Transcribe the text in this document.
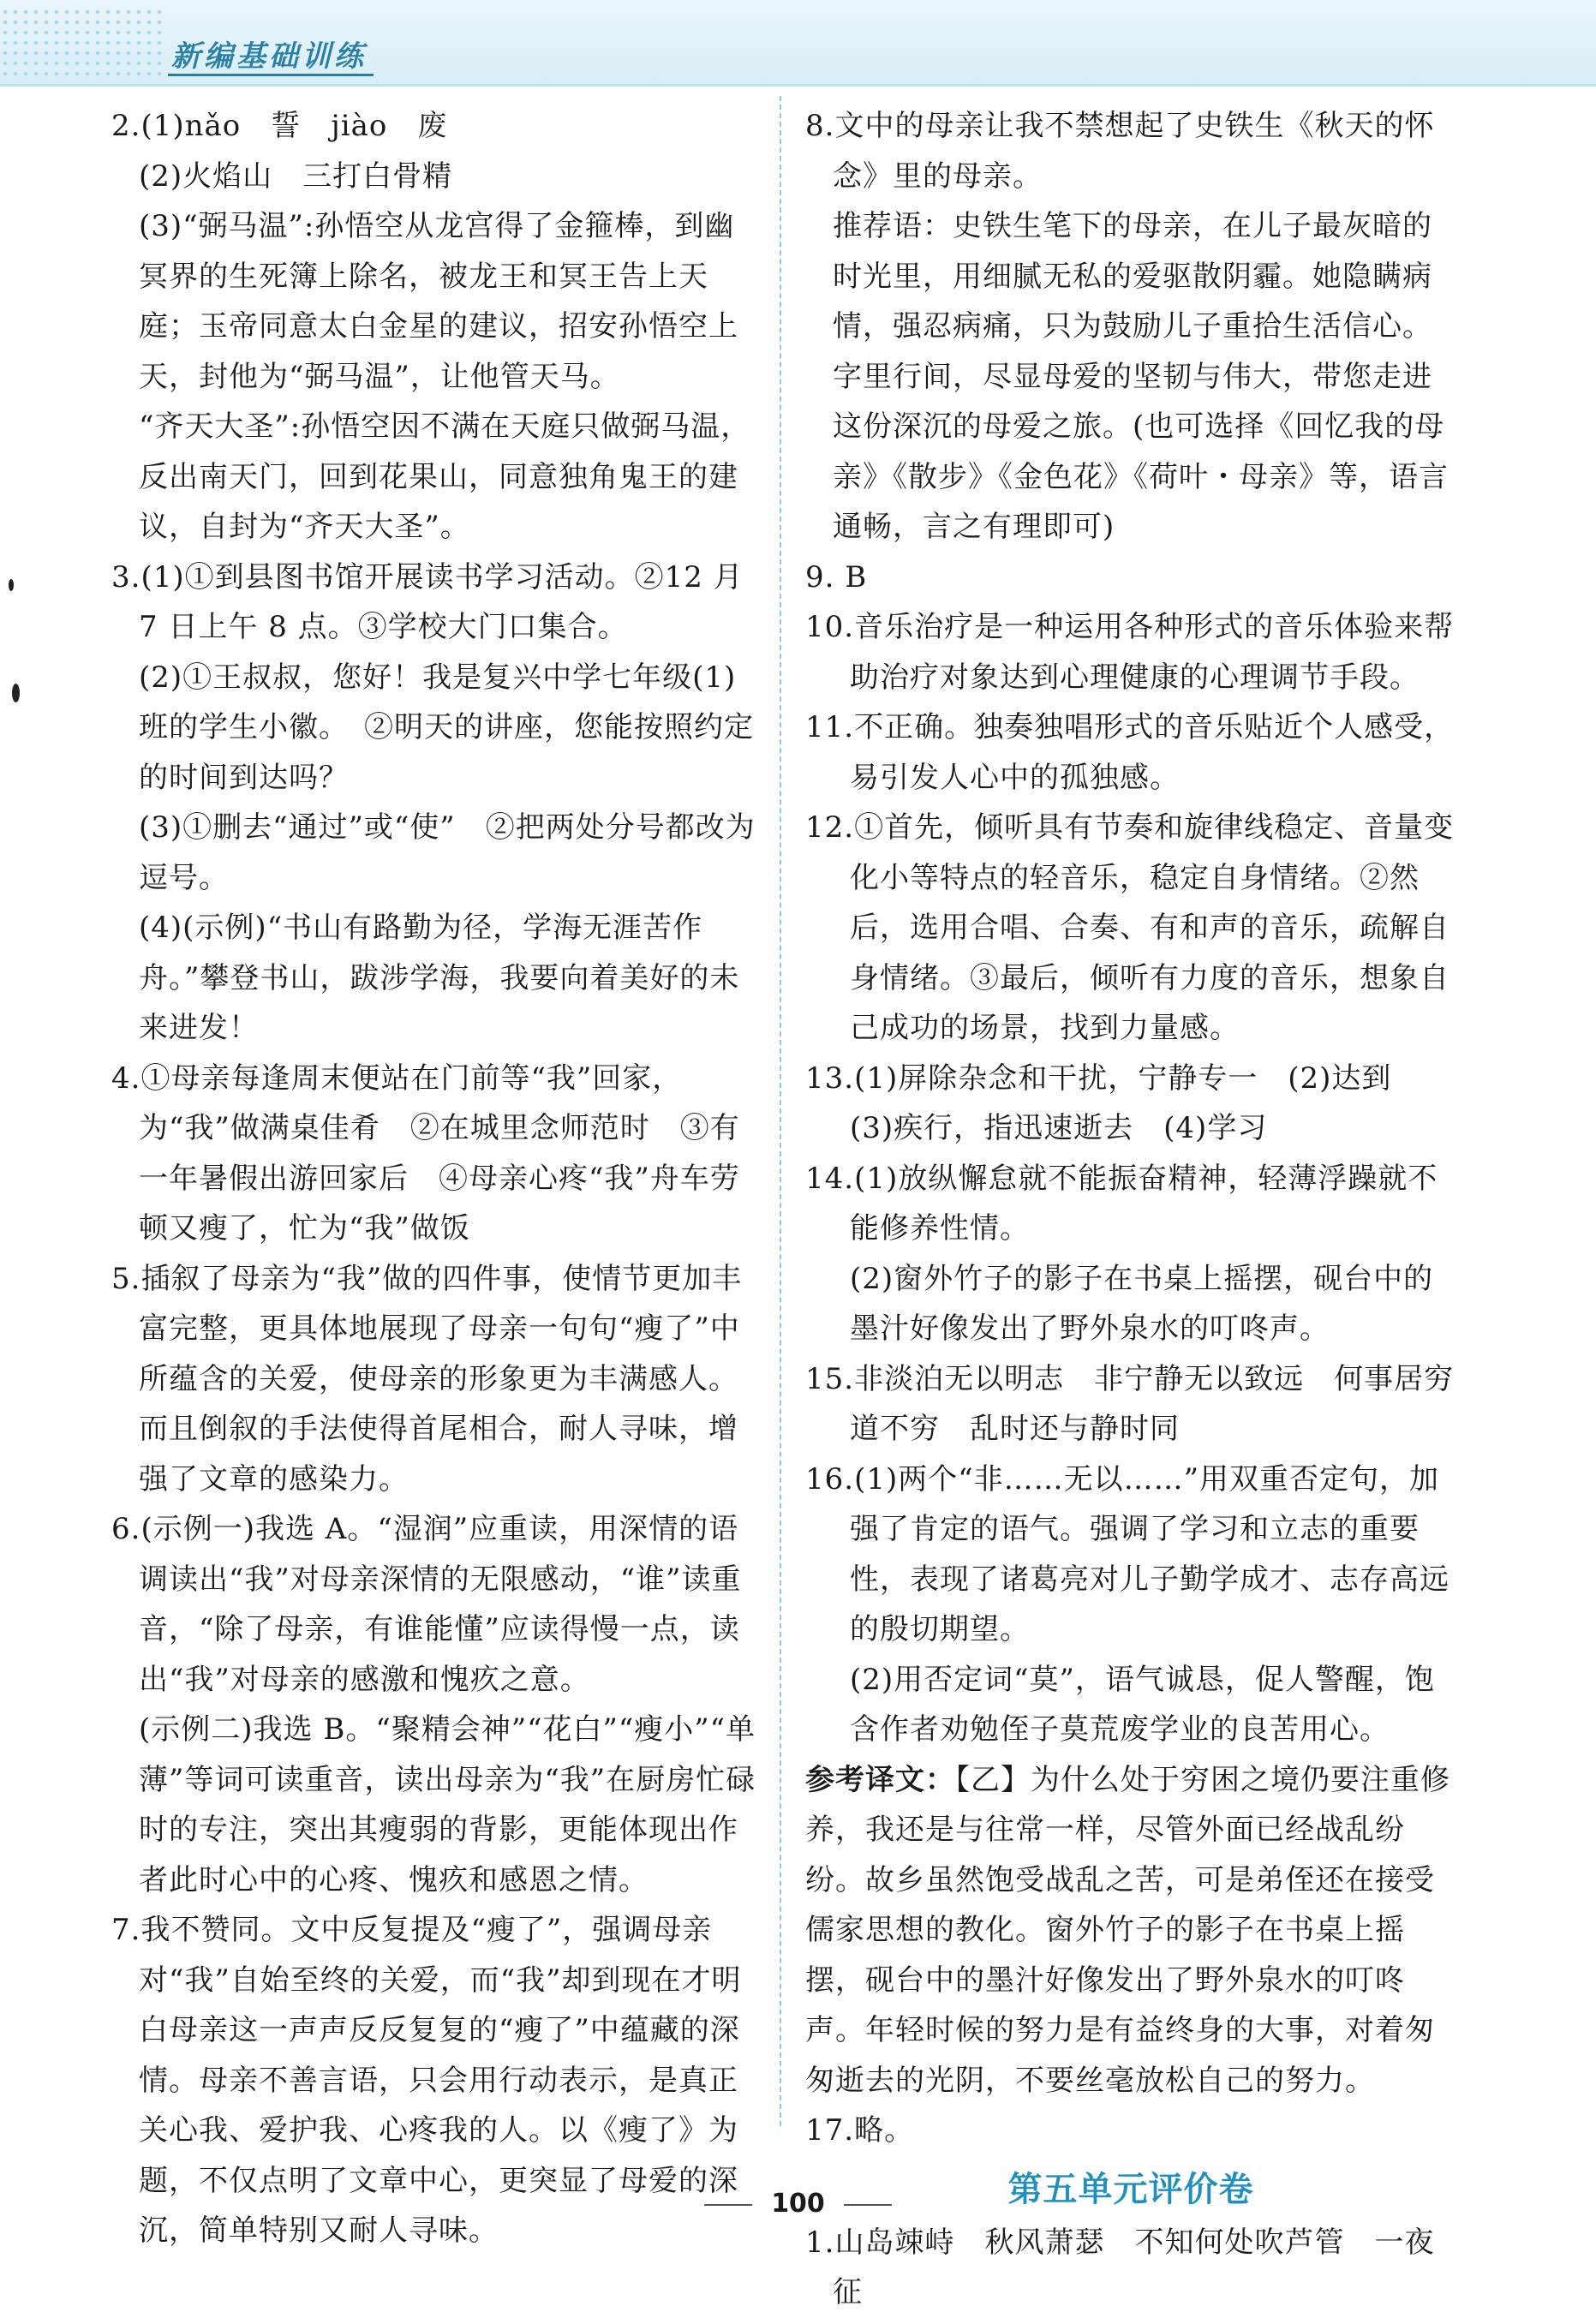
新编基础训练

2.(1)nǎo　誓　jiào　废

(2)火焰山　三打白骨精

(3)“弼马温”:孙悟空从龙宫得了金箍棒，到幽冥界的生死簿上除名，被龙王和冥王告上天庭；玉帝同意太白金星的建议，招安孙悟空上天，封他为“弼马温”，让他管天马。

“齐天大圣”:孙悟空因不满在天庭只做弼马温，反出南天门，回到花果山，同意独角鬼王的建议，自封为“齐天大圣”。

3.(1)①到县图书馆开展读书学习活动。②12 月 7 日上午 8 点。③学校大门口集合。

(2)①王叔叔，您好！我是复兴中学七年级(1)班的学生小徽。　②明天的讲座，您能按照约定的时间到达吗？

(3)①删去“通过”或“使”　②把两处分号都改为逗号。

(4)(示例)“书山有路勤为径，学海无涯苦作舟。”攀登书山，跋涉学海，我要向着美好的未来进发！

4.①母亲每逢周末便站在门前等“我”回家，为“我”做满桌佳肴　②在城里念师范时　③有一年暑假出游回家后　④母亲心疼“我”舟车劳顿又瘦了，忙为“我”做饭

5.插叙了母亲为“我”做的四件事，使情节更加丰富完整，更具体地展现了母亲一句句“瘦了”中所蕴含的关爱，使母亲的形象更为丰满感人。而且倒叙的手法使得首尾相合，耐人寻味，增强了文章的感染力。

6.(示例一)我选 A。“湿润”应重读，用深情的语调读出“我”对母亲深情的无限感动，“谁”读重音，“除了母亲，有谁能懂”应读得慢一点，读出“我”对母亲的感激和愧疚之意。

(示例二)我选 B。“聚精会神”“花白”“瘦小”“单薄”等词可读重音，读出母亲为“我”在厨房忙碌时的专注，突出其瘦弱的背影，更能体现出作者此时心中的心疼、愧疚和感恩之情。

7.我不赞同。文中反复提及“瘦了”，强调母亲对“我”自始至终的关爱，而“我”却到现在才明白母亲这一声声反反复复的“瘦了”中蕴藏的深情。母亲不善言语，只会用行动表示，是真正关心我、爱护我、心疼我的人。以《瘦了》为题，不仅点明了文章中心，更突显了母爱的深沉，简单特别又耐人寻味。

8.文中的母亲让我不禁想起了史铁生《秋天的怀念》里的母亲。

推荐语：史铁生笔下的母亲，在儿子最灰暗的时光里，用细腻无私的爱驱散阴霾。她隐瞒病情，强忍病痛，只为鼓励儿子重拾生活信心。字里行间，尽显母爱的坚韧与伟大，带您走进这份深沉的母爱之旅。(也可选择《回忆我的母亲》《散步》《金色花》《荷叶・母亲》等，语言通畅，言之有理即可)

9. B

10.音乐治疗是一种运用各种形式的音乐体验来帮助治疗对象达到心理健康的心理调节手段。

11.不正确。独奏独唱形式的音乐贴近个人感受，易引发人心中的孤独感。

12.①首先，倾听具有节奏和旋律线稳定、音量变化小等特点的轻音乐，稳定自身情绪。②然后，选用合唱、合奏、有和声的音乐，疏解自身情绪。③最后，倾听有力度的音乐，想象自己成功的场景，找到力量感。

13.(1)屏除杂念和干扰，宁静专一　(2)达到　(3)疾行，指迅速逝去　(4)学习

14.(1)放纵懈怠就不能振奋精神，轻薄浮躁就不能修养性情。

(2)窗外竹子的影子在书桌上摇摆，砚台中的墨汁好像发出了野外泉水的叮咚声。

15.非淡泊无以明志　非宁静无以致远　何事居穷道不穷　乱时还与静时同

16.(1)两个“非……无以……”用双重否定句，加强了肯定的语气。强调了学习和立志的重要性，表现了诸葛亮对儿子勤学成才、志存高远的殷切期望。

(2)用否定词“莫”，语气诚恳，促人警醒，饱含作者劝勉侄子莫荒废学业的良苦用心。

参考译文：【乙】为什么处于穷困之境仍要注重修养，我还是与往常一样，尽管外面已经战乱纷纷。故乡虽然饱受战乱之苦，可是弟侄还在接受儒家思想的教化。窗外竹子的影子在书桌上摇摆，砚台中的墨汁好像发出了野外泉水的叮咚声。年轻时候的努力是有益终身的大事，对着匆匆逝去的光阴，不要丝毫放松自己的努力。

17.略。

第五单元评价卷

1.山岛竦峙　秋风萧瑟　不知何处吹芦管　一夜征

100
